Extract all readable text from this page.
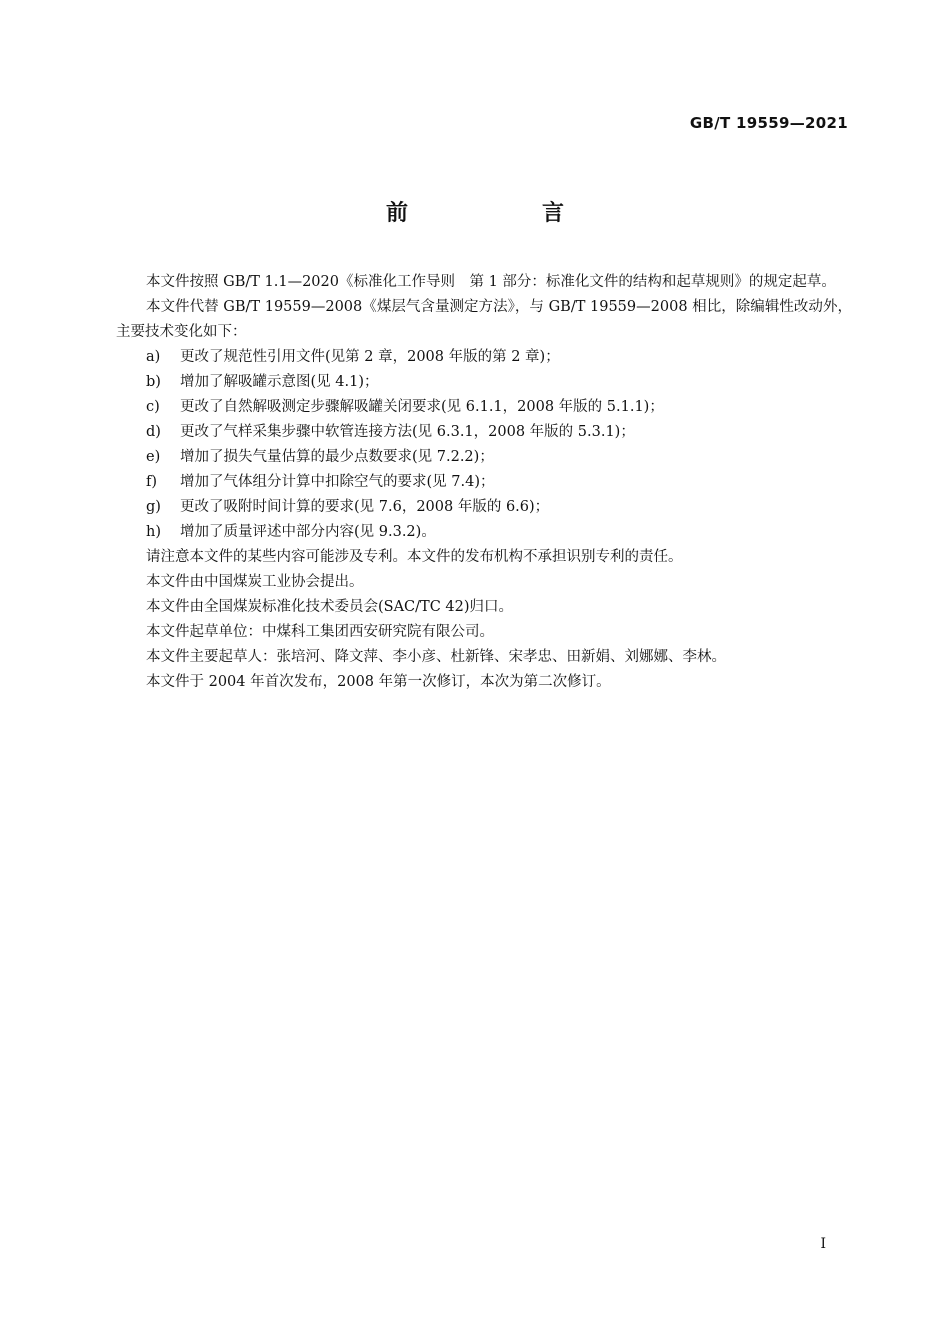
GB/T 19559—2021
前　言

本文件按照 GB/T 1.1—2020《标准化工作导则　第 1 部分：标准化文件的结构和起草规则》的规定起草。

本文件代替 GB/T 19559—2008《煤层气含量测定方法》，与 GB/T 19559—2008 相比，除编辑性改动外，主要技术变化如下：

a)	更改了规范性引用文件(见第 2 章，2008 年版的第 2 章)；
b)	增加了解吸罐示意图(见 4.1)；
c)	更改了自然解吸测定步骤解吸罐关闭要求(见 6.1.1，2008 年版的 5.1.1)；
d)	更改了气样采集步骤中软管连接方法(见 6.3.1，2008 年版的 5.3.1)；
e)	增加了损失气量估算的最少点数要求(见 7.2.2)；
f)	增加了气体组分计算中扣除空气的要求(见 7.4)；
g)	更改了吸附时间计算的要求(见 7.6，2008 年版的 6.6)；
h)	增加了质量评述中部分内容(见 9.3.2)。

请注意本文件的某些内容可能涉及专利。本文件的发布机构不承担识别专利的责任。

本文件由中国煤炭工业协会提出。

本文件由全国煤炭标准化技术委员会(SAC/TC 42)归口。

本文件起草单位：中煤科工集团西安研究院有限公司。

本文件主要起草人：张培河、降文萍、李小彦、杜新锋、宋孝忠、田新娟、刘娜娜、李林。

本文件于 2004 年首次发布，2008 年第一次修订，本次为第二次修订。

I
